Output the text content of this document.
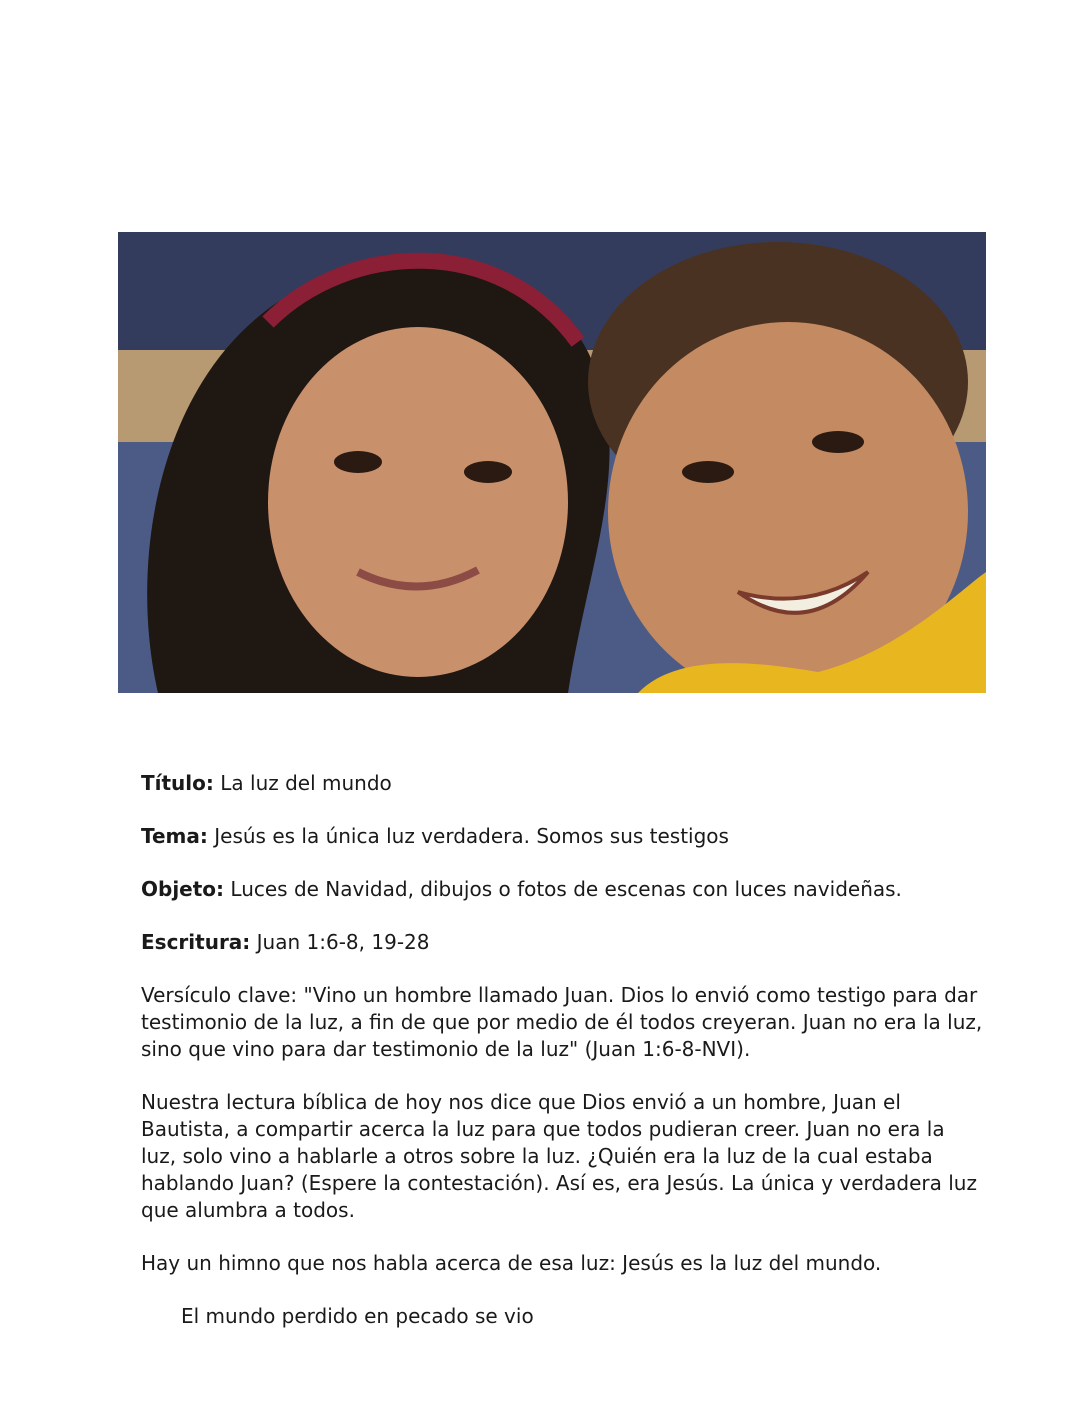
Título: La luz del mundo

Tema: Jesús es la única luz verdadera. Somos sus testigos

Objeto: Luces de Navidad, dibujos o fotos de escenas con luces navideñas.

Escritura: Juan 1:6-8, 19-28

Versículo clave: "Vino un hombre llamado Juan. Dios lo envió como testigo para dar testimonio de la luz, a fin de que por medio de él todos creyeran. Juan no era la luz, sino que vino para dar testimonio de la luz" (Juan 1:6-8-NVI).

Nuestra lectura bíblica de hoy nos dice que Dios envió a un hombre, Juan el Bautista, a compartir acerca la luz para que todos pudieran creer. Juan no era la luz, solo vino a hablarle a otros sobre la luz. ¿Quién era la luz de la cual estaba hablando Juan? (Espere la contestación). Así es, era Jesús. La única y verdadera luz que alumbra a todos.

Hay un himno que nos habla acerca de esa luz: Jesús es la luz del mundo.

El mundo perdido en pecado se vio
